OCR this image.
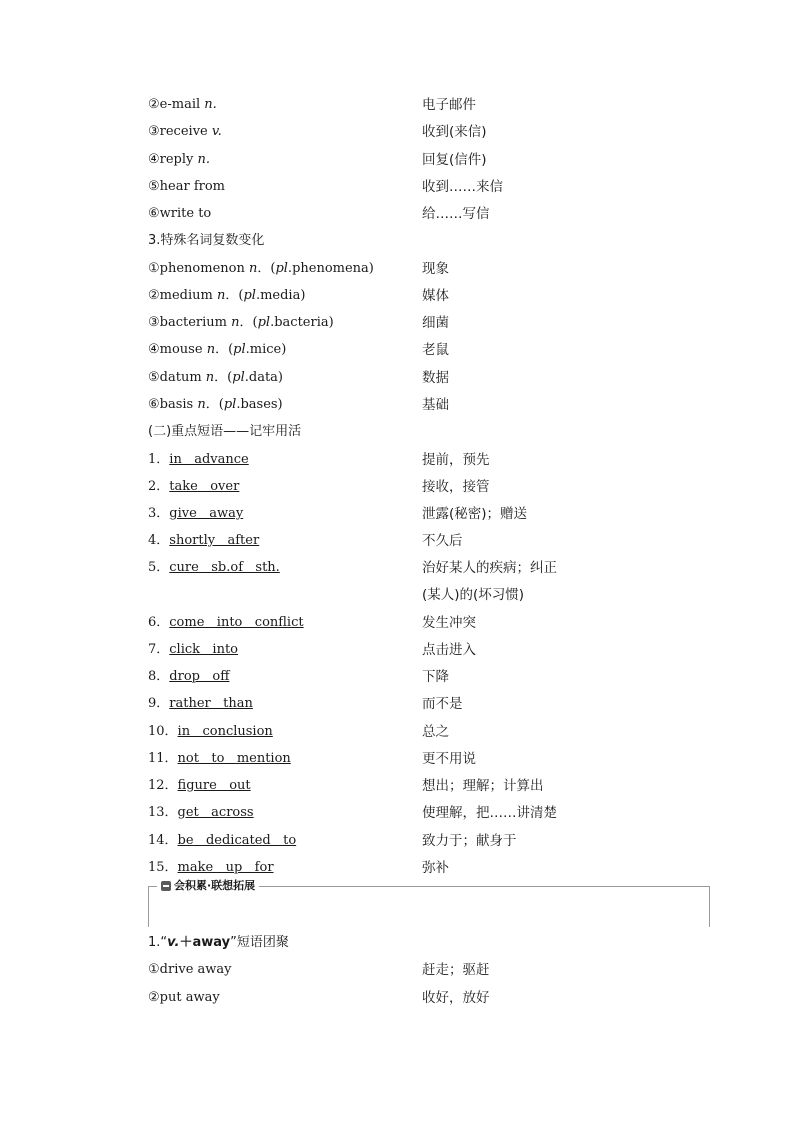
②e-mail n.	电子邮件
③receive v.	收到(来信)
④reply n.	回复(信件)
⑤hear from	收到……来信
⑥write to	给……写信
3.特殊名词复数变化
①phenomenon n．(pl.phenomena)	现象
②medium n．(pl.media)	媒体
③bacterium n．(pl.bacteria)	细菌
④mouse n．(pl.mice)	老鼠
⑤datum n．(pl.data)	数据
⑥basis n．(pl.bases)	基础
(二)重点短语——记牢用活
1．in   advance	提前，预先
2．take   over	接收，接管
3．give   away	泄露(秘密)；赠送
4．shortly   after	不久后
5．cure   sb.of   sth.	治好某人的疾病；纠正
(某人)的(坏习惯)
6．come   into   conflict	发生冲突
7．click   into	点击进入
8．drop   off	下降
9．rather   than	而不是
10．in   conclusion	总之
11．not   to   mention	更不用说
12．figure   out	想出；理解；计算出
13．get   across	使理解，把……讲清楚
14．be   dedicated   to	致力于；献身于
15．make   up   for	弥补
会积累·联想拓展
1.“v.＋away”短语团聚
①drive away	赶走；驱赶
②put away	收好，放好
